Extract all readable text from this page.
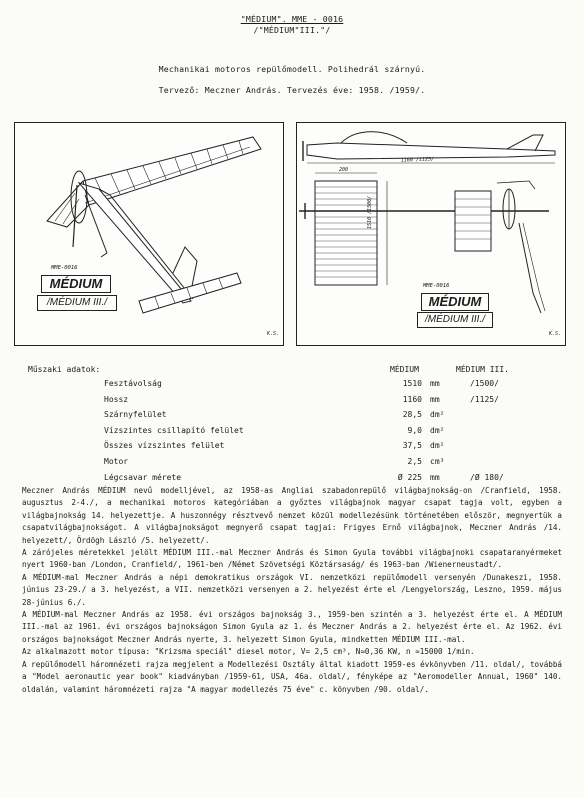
"MÉDIUM". MME - 0016
/"MÉDIUM"III."/
Mechanikai motoros repülőmodell. Polihedrál szárnyú.
Tervező: Meczner András. Tervezés éve: 1958. /1959/.
MME-0016
MÉDIUM
/MÉDIUM III./
K.S.
1160 /1125/
200
1510 /1500/
MME-0016
MÉDIUM
/MÉDIUM III./
K.S.
Műszaki adatok:	MÉDIUM	MÉDIUM III.
Fesztávolság	1510 mm	/1500/
Hossz	1160 mm	/1125/
Szárnyfelület	28,5 dm²
Vízszintes csillapító felület	9,0 dm²
Összes vízszintes felület	37,5 dm²
Motor	2,5 cm³
Légcsavar mérete	Ø 225 mm	/Ø 180/

Meczner András MÉDIUM nevű modelljével, az 1958-as Angliai szabadonrepülő világbajnokság-on /Cranfield, 1958. augusztus 2-4./, a mechanikai motoros kategóriában a győztes világbajnok magyar csapat tagja volt, egyben a világbajnokság 14. helyezettje. A huszonnégy résztvevő nemzet közül modellezésünk történetében először, megnyertük a csapatvilágbajnokságot. A világbajnokságot megnyerő csapat tagjai: Frigyes Ernő világbajnok, Meczner András /14. helyezett/, Ördögh László /5. helyezett/.

A zárójeles méretekkel jelölt MÉDIUM III.-mal Meczner András és Simon Gyula további világbajnoki csapataranyérmeket nyert 1960-ban /London, Cranfield/, 1961-ben /Német Szövetségi Köztársaság/ és 1963-ban /Wienerneustadt/.

A MÉDIUM-mal Meczner András a népi demokratikus országok VI. nemzetközi repülőmodell versenyén /Dunakeszi, 1958. június 23-29./ a 3. helyezést, a VII. nemzetközi versenyen a 2. helyezést érte el /Lengyelország, Leszno, 1959. május 28-június 6./.

A MÉDIUM-mal Meczner András az 1958. évi országos bajnokság 3., 1959-ben szintén a 3. helyezést érte el. A MÉDIUM III.-mal az 1961. évi országos bajnokságon Simon Gyula az 1. és Meczner András a 2. helyezést érte el. Az 1962. évi országos bajnokságot Meczner András nyerte, 3. helyezett Simon Gyula, mindketten MÉDIUM III.-mal.

Az alkalmazott motor típusa: "Krizsma speciál" diesel motor, V= 2,5 cm³, N≈0,36 KW, n ≈15000 1/min.

A repülőmodell háromnézeti rajza megjelent a Modellezési Osztály által kiadott 1959-es évkönyvben /11. oldal/, továbbá a "Model aeronautic year book" kiadványban /1959-61, USA, 46a. oldal/, fényképe az "Aeromodeller Annual, 1960" 140. oldalán, valamint háromnézeti rajza "A magyar modellezés 75 éve" c. könyvben /90. oldal/.
